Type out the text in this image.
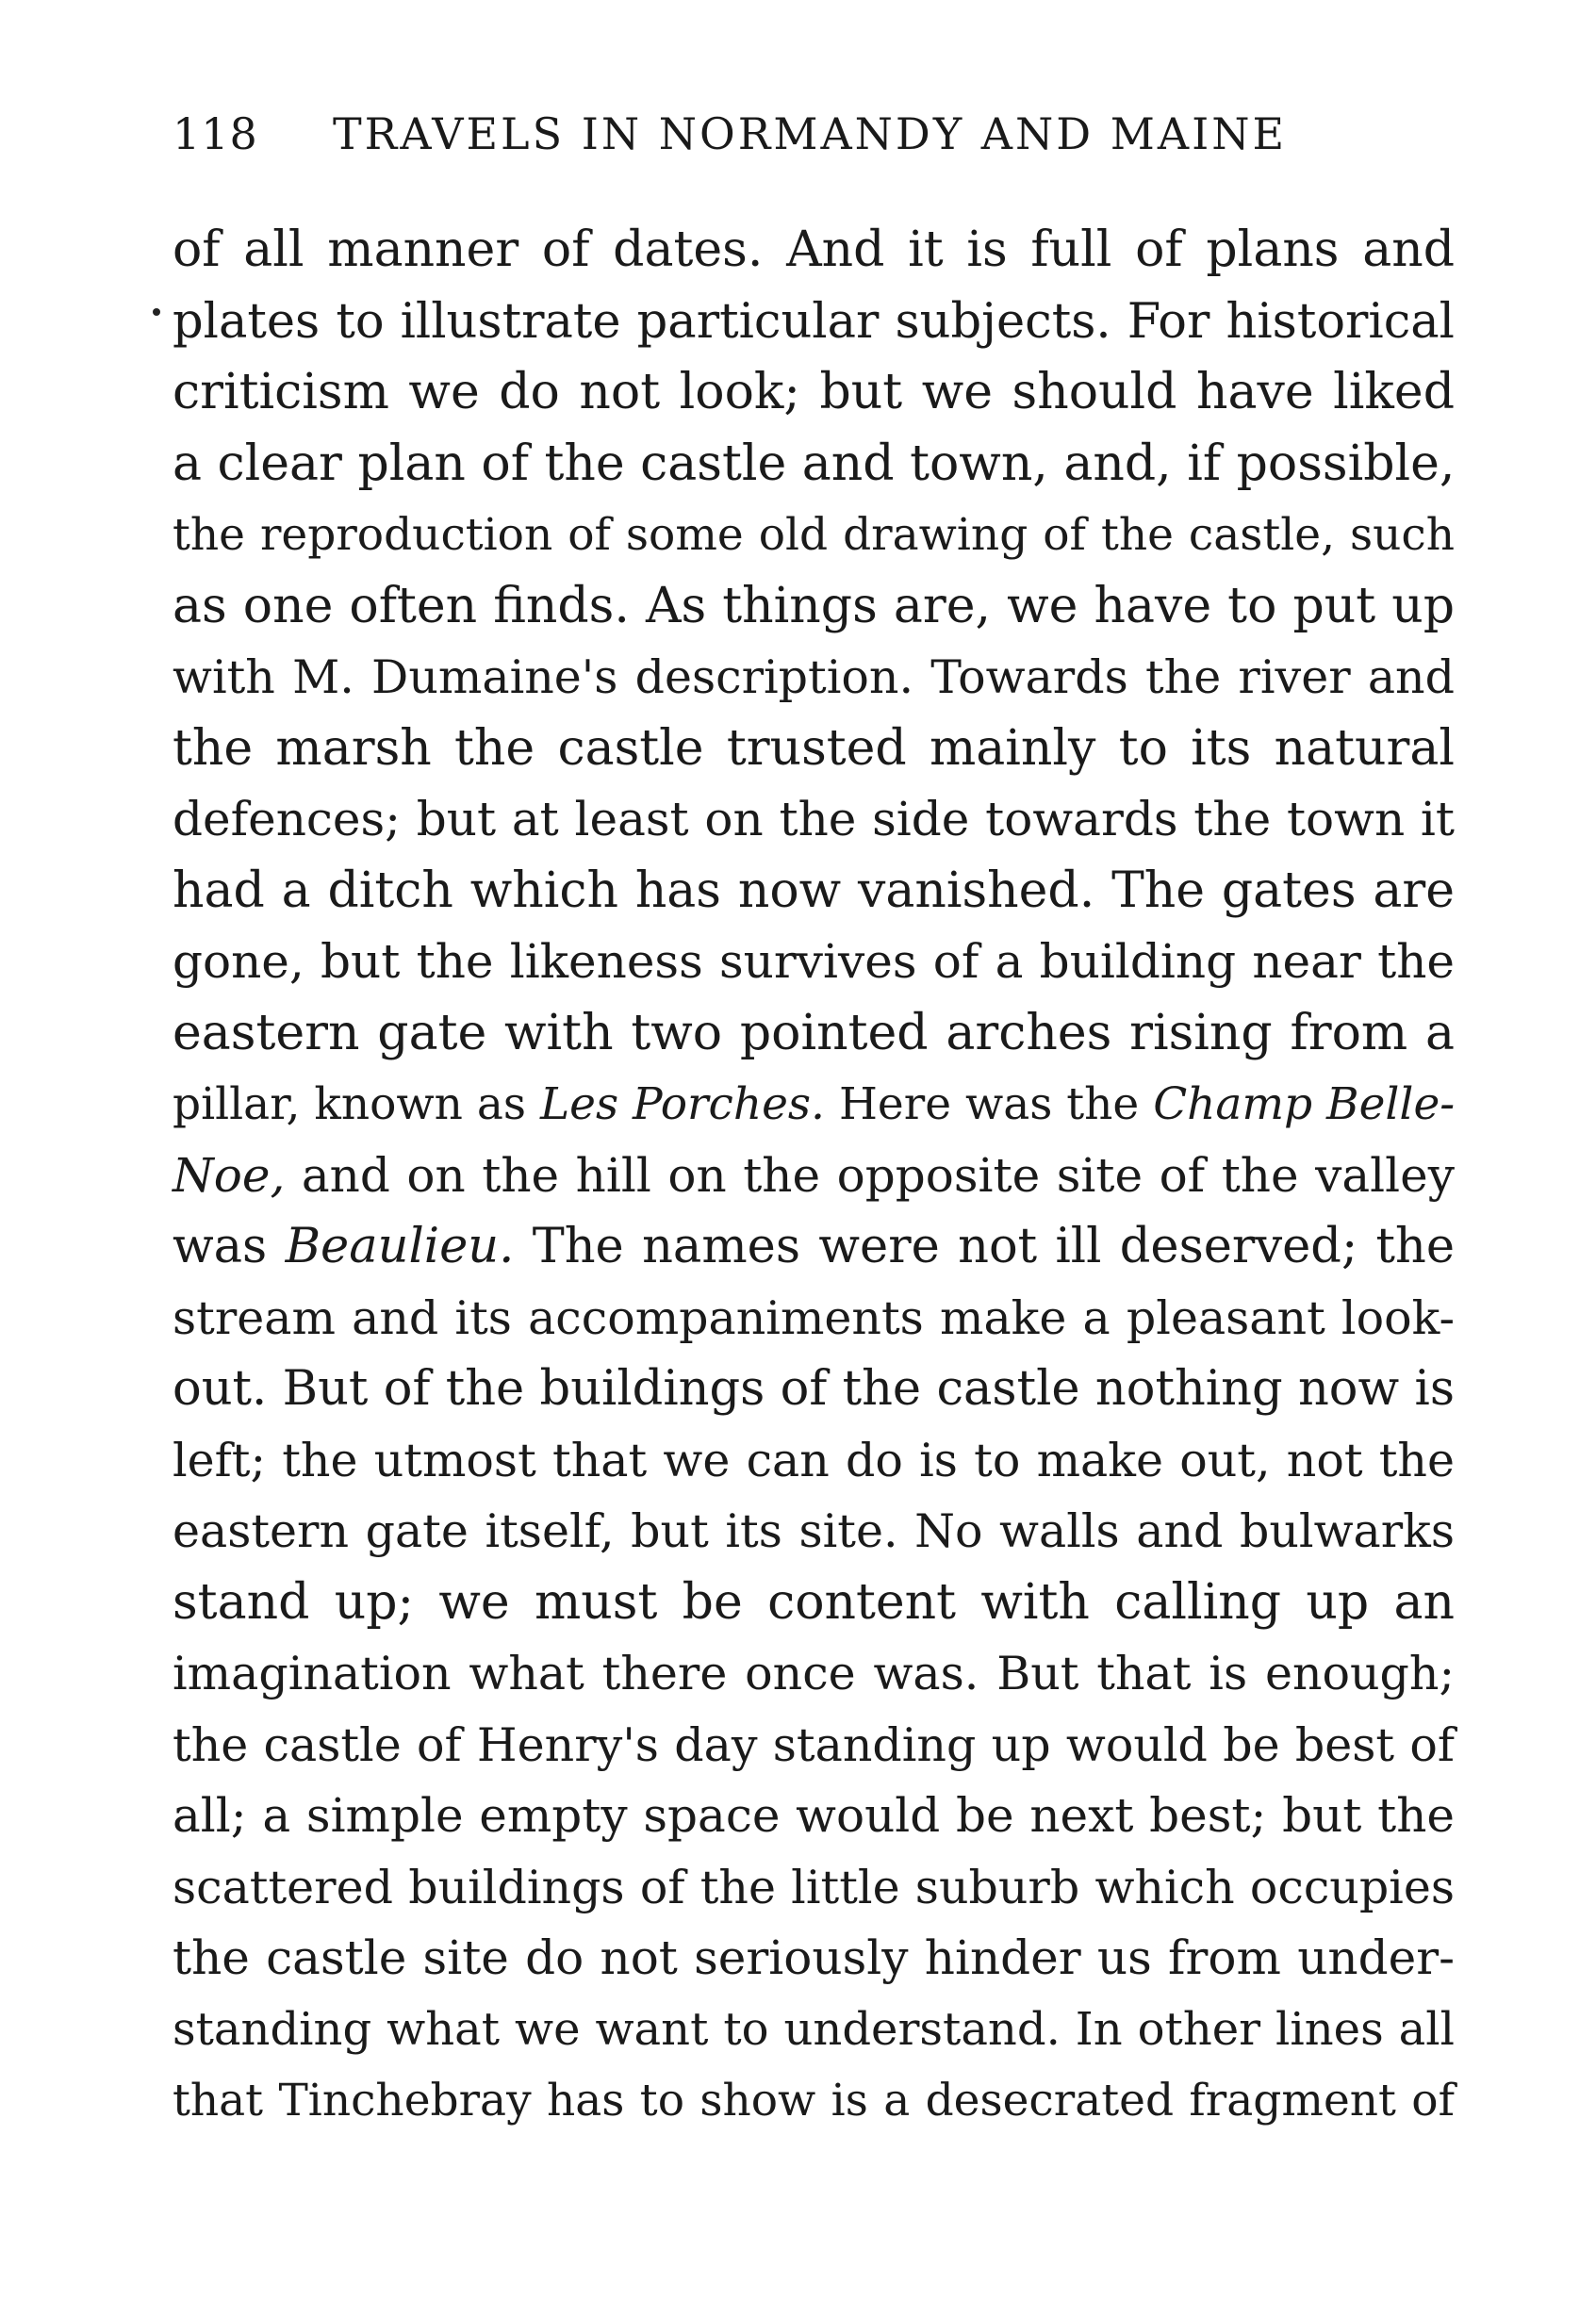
118 TRAVELS IN NORMANDY AND MAINE
of all manner of dates. And it is full of plans and
plates to illustrate particular subjects. For historical
criticism we do not look; but we should have liked
a clear plan of the castle and town, and, if possible,
the reproduction of some old drawing of the castle, such
as one often finds. As things are, we have to put up
with M. Dumaine's description. Towards the river and
the marsh the castle trusted mainly to its natural
defences; but at least on the side towards the town it
had a ditch which has now vanished. The gates are
gone, but the likeness survives of a building near the
eastern gate with two pointed arches rising from a
pillar, known as Les Porches. Here was the Champ Belle-
Noe, and on the hill on the opposite site of the valley
was Beaulieu. The names were not ill deserved; the
stream and its accompaniments make a pleasant look-
out. But of the buildings of the castle nothing now is
left; the utmost that we can do is to make out, not the
eastern gate itself, but its site. No walls and bulwarks
stand up; we must be content with calling up an
imagination what there once was. But that is enough;
the castle of Henry's day standing up would be best of
all; a simple empty space would be next best; but the
scattered buildings of the little suburb which occupies
the castle site do not seriously hinder us from under-
standing what we want to understand. In other lines all
that Tinchebray has to show is a desecrated fragment of
